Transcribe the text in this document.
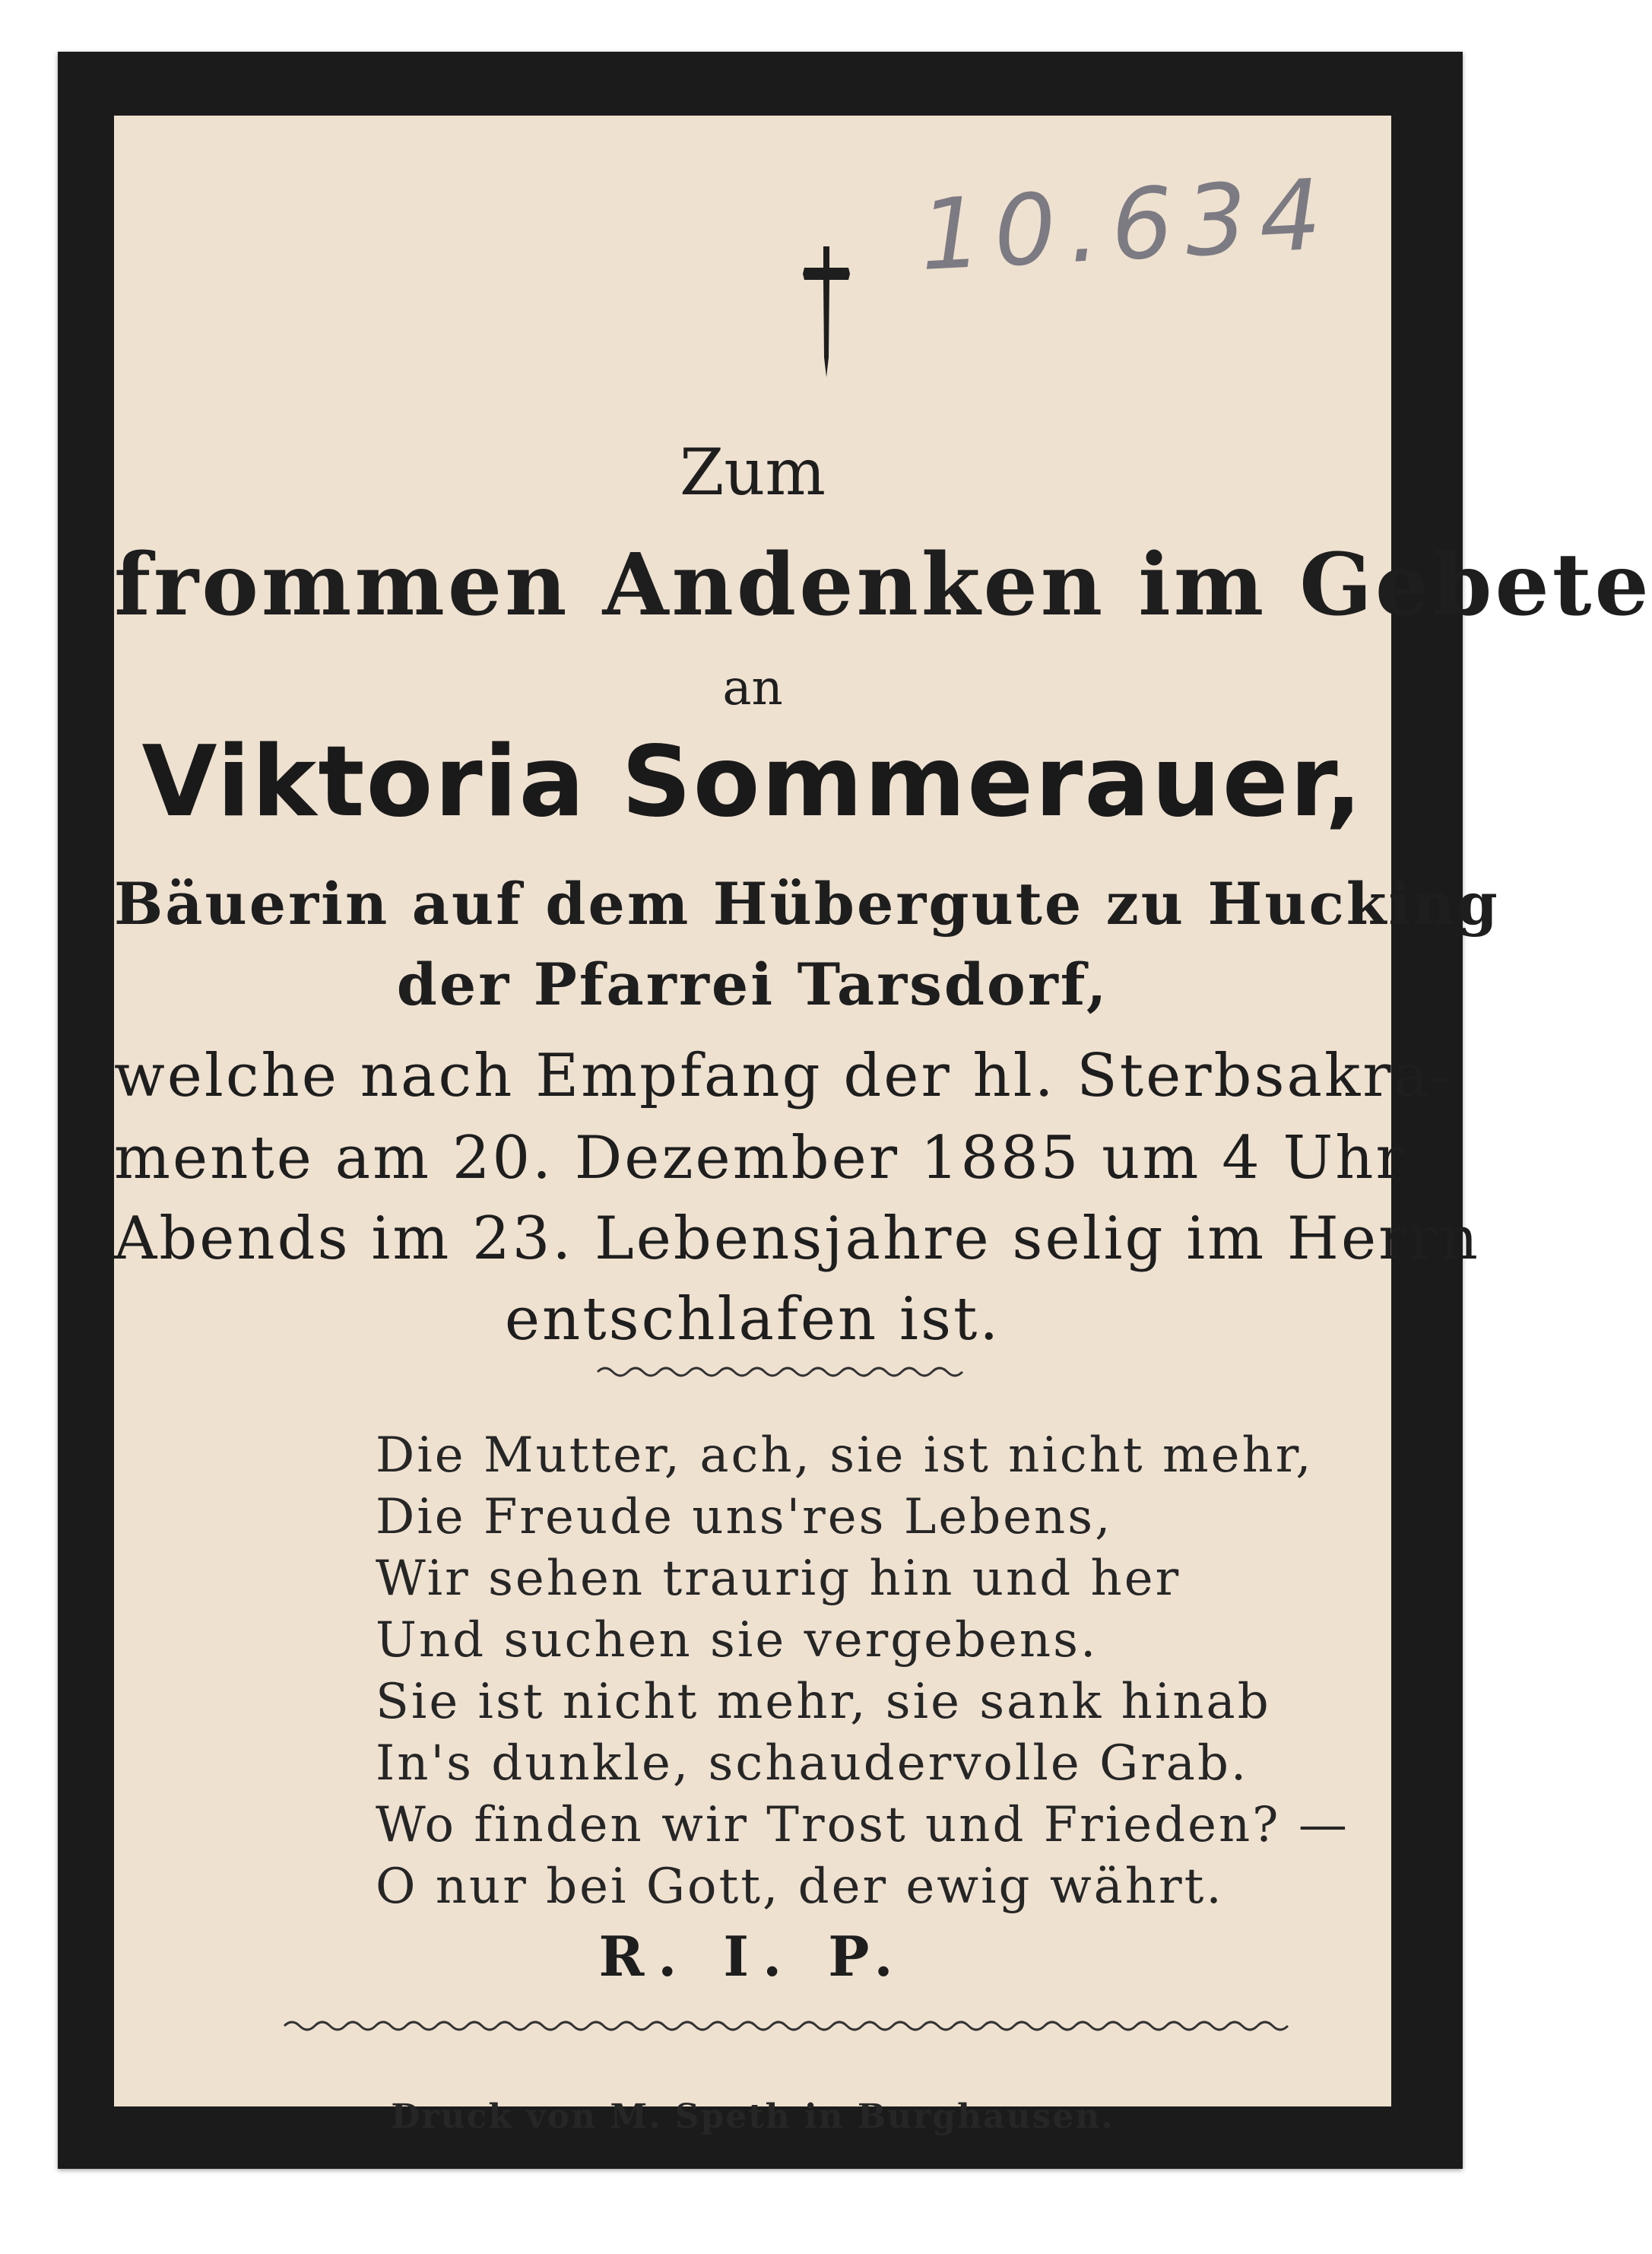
10.634
Zum
frommen Andenken im Gebete
an
Viktoria Sommerauer,
Bäuerin auf dem Hübergute zu Hucking
der Pfarrei Tarsdorf,
welche nach Empfang der hl. Sterbsakra-
mente am 20. Dezember 1885 um 4 Uhr
Abends im 23. Lebensjahre selig im Herrn
entschlafen ist.
Die Mutter, ach, sie ist nicht mehr,
Die Freude uns'res Lebens,
Wir sehen traurig hin und her
Und suchen sie vergebens.
Sie ist nicht mehr, sie sank hinab
In's dunkle, schaudervolle Grab.
Wo finden wir Trost und Frieden? —
O nur bei Gott, der ewig währt.
R. I. P.
Druck von M. Speth in Burghausen.
